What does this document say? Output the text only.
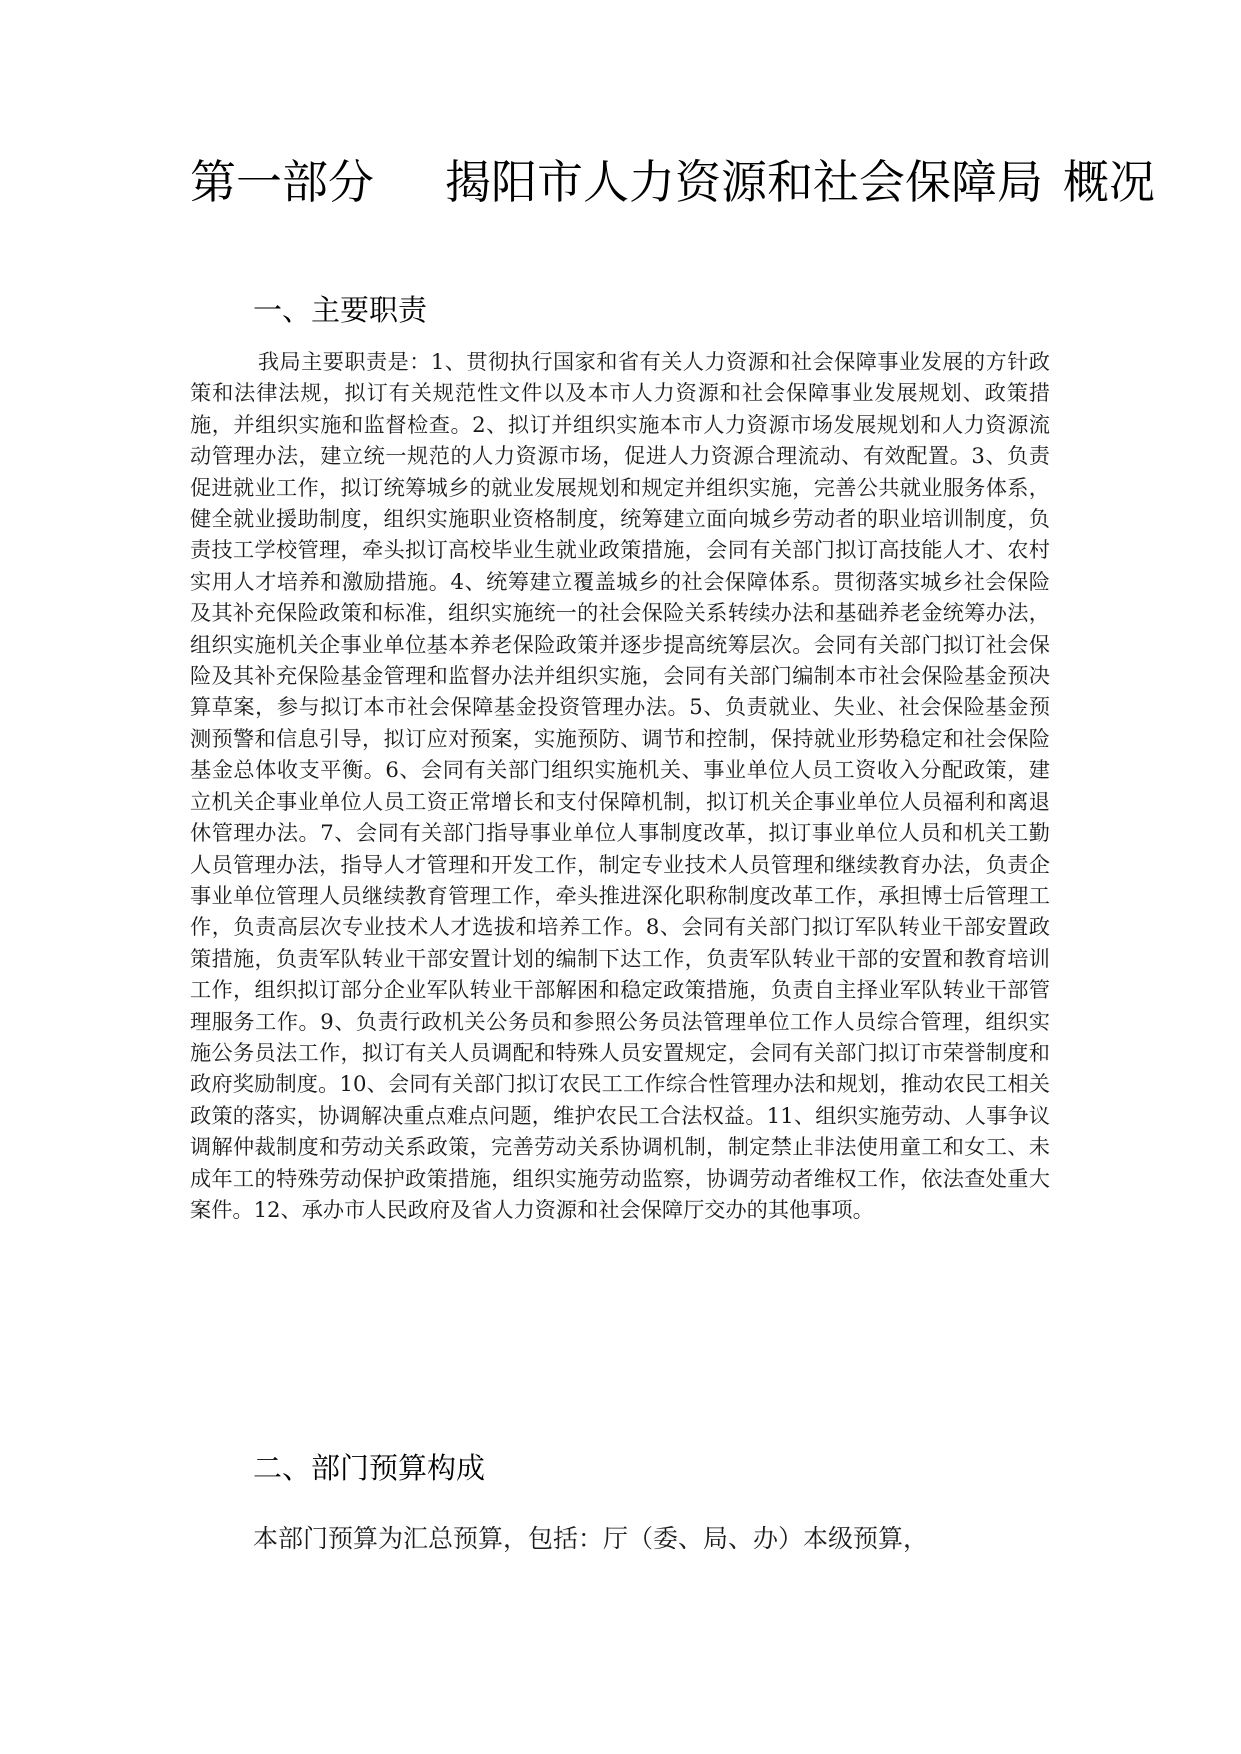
第一部分 揭阳市人力资源和社会保障局 概况
一、主要职责

我局主要职责是：1、贯彻执行国家和省有关人力资源和社会保障事业发展的方针政策和法律法规，拟订有关规范性文件以及本市人力资源和社会保障事业发展规划、政策措施，并组织实施和监督检查。2、拟订并组织实施本市人力资源市场发展规划和人力资源流动管理办法，建立统一规范的人力资源市场，促进人力资源合理流动、有效配置。3、负责促进就业工作，拟订统筹城乡的就业发展规划和规定并组织实施，完善公共就业服务体系，健全就业援助制度，组织实施职业资格制度，统筹建立面向城乡劳动者的职业培训制度，负责技工学校管理，牵头拟订高校毕业生就业政策措施，会同有关部门拟订高技能人才、农村实用人才培养和激励措施。4、统筹建立覆盖城乡的社会保障体系。贯彻落实城乡社会保险及其补充保险政策和标准，组织实施统一的社会保险关系转续办法和基础养老金统筹办法，组织实施机关企事业单位基本养老保险政策并逐步提高统筹层次。会同有关部门拟订社会保险及其补充保险基金管理和监督办法并组织实施，会同有关部门编制本市社会保险基金预决算草案，参与拟订本市社会保障基金投资管理办法。5、负责就业、失业、社会保险基金预测预警和信息引导，拟订应对预案，实施预防、调节和控制，保持就业形势稳定和社会保险基金总体收支平衡。6、会同有关部门组织实施机关、事业单位人员工资收入分配政策，建立机关企事业单位人员工资正常增长和支付保障机制，拟订机关企事业单位人员福利和离退休管理办法。7、会同有关部门指导事业单位人事制度改革，拟订事业单位人员和机关工勤人员管理办法，指导人才管理和开发工作，制定专业技术人员管理和继续教育办法，负责企事业单位管理人员继续教育管理工作，牵头推进深化职称制度改革工作，承担博士后管理工作，负责高层次专业技术人才选拔和培养工作。8、会同有关部门拟订军队转业干部安置政策措施，负责军队转业干部安置计划的编制下达工作，负责军队转业干部的安置和教育培训工作，组织拟订部分企业军队转业干部解困和稳定政策措施，负责自主择业军队转业干部管理服务工作。9、负责行政机关公务员和参照公务员法管理单位工作人员综合管理，组织实施公务员法工作，拟订有关人员调配和特殊人员安置规定，会同有关部门拟订市荣誉制度和政府奖励制度。10、会同有关部门拟订农民工工作综合性管理办法和规划，推动农民工相关政策的落实，协调解决重点难点问题，维护农民工合法权益。11、组织实施劳动、人事争议调解仲裁制度和劳动关系政策，完善劳动关系协调机制，制定禁止非法使用童工和女工、未成年工的特殊劳动保护政策措施，组织实施劳动监察，协调劳动者维权工作，依法查处重大案件。12、承办市人民政府及省人力资源和社会保障厅交办的其他事项。

二、部门预算构成

本部门预算为汇总预算，包括：厅（委、局、办）本级预算，
